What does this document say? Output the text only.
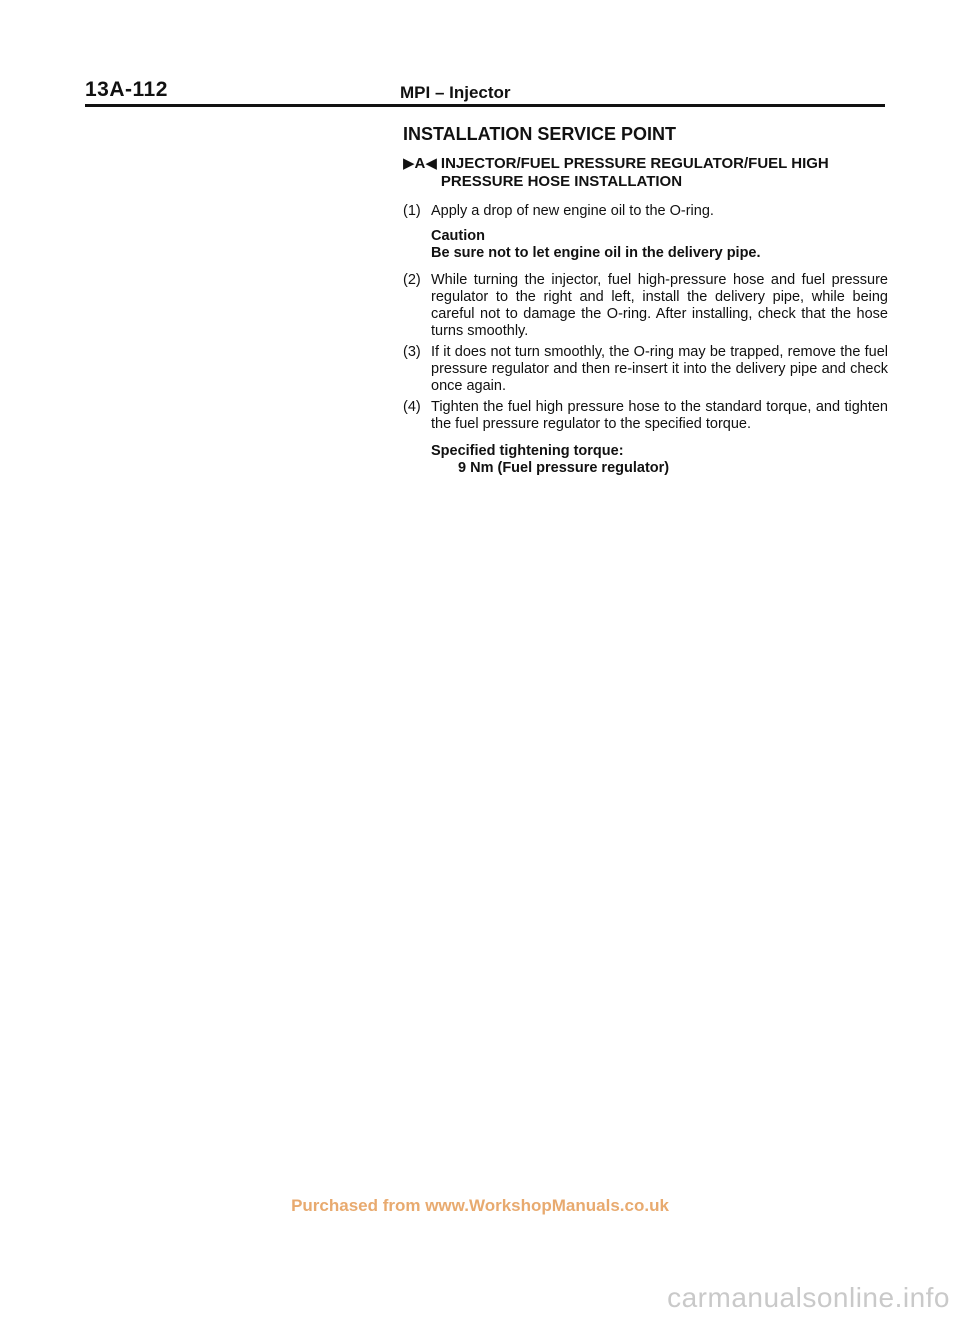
13A-112	MPI – Injector
INSTALLATION SERVICE POINT
▶A◀ INJECTOR/FUEL PRESSURE REGULATOR/FUEL HIGH PRESSURE HOSE INSTALLATION
(1) Apply a drop of new engine oil to the O-ring.
Caution
Be sure not to let engine oil in the delivery pipe.
(2) While turning the injector, fuel high-pressure hose and fuel pressure regulator to the right and left, install the delivery pipe, while being careful not to damage the O-ring. After installing, check that the hose turns smoothly.
(3) If it does not turn smoothly, the O-ring may be trapped, remove the fuel pressure regulator and then re-insert it into the delivery pipe and check once again.
(4) Tighten the fuel high pressure hose to the standard torque, and tighten the fuel pressure regulator to the specified torque.
Specified tightening torque:
9 Nm (Fuel pressure regulator)
Purchased from www.WorkshopManuals.co.uk
carmanualsonline.info
